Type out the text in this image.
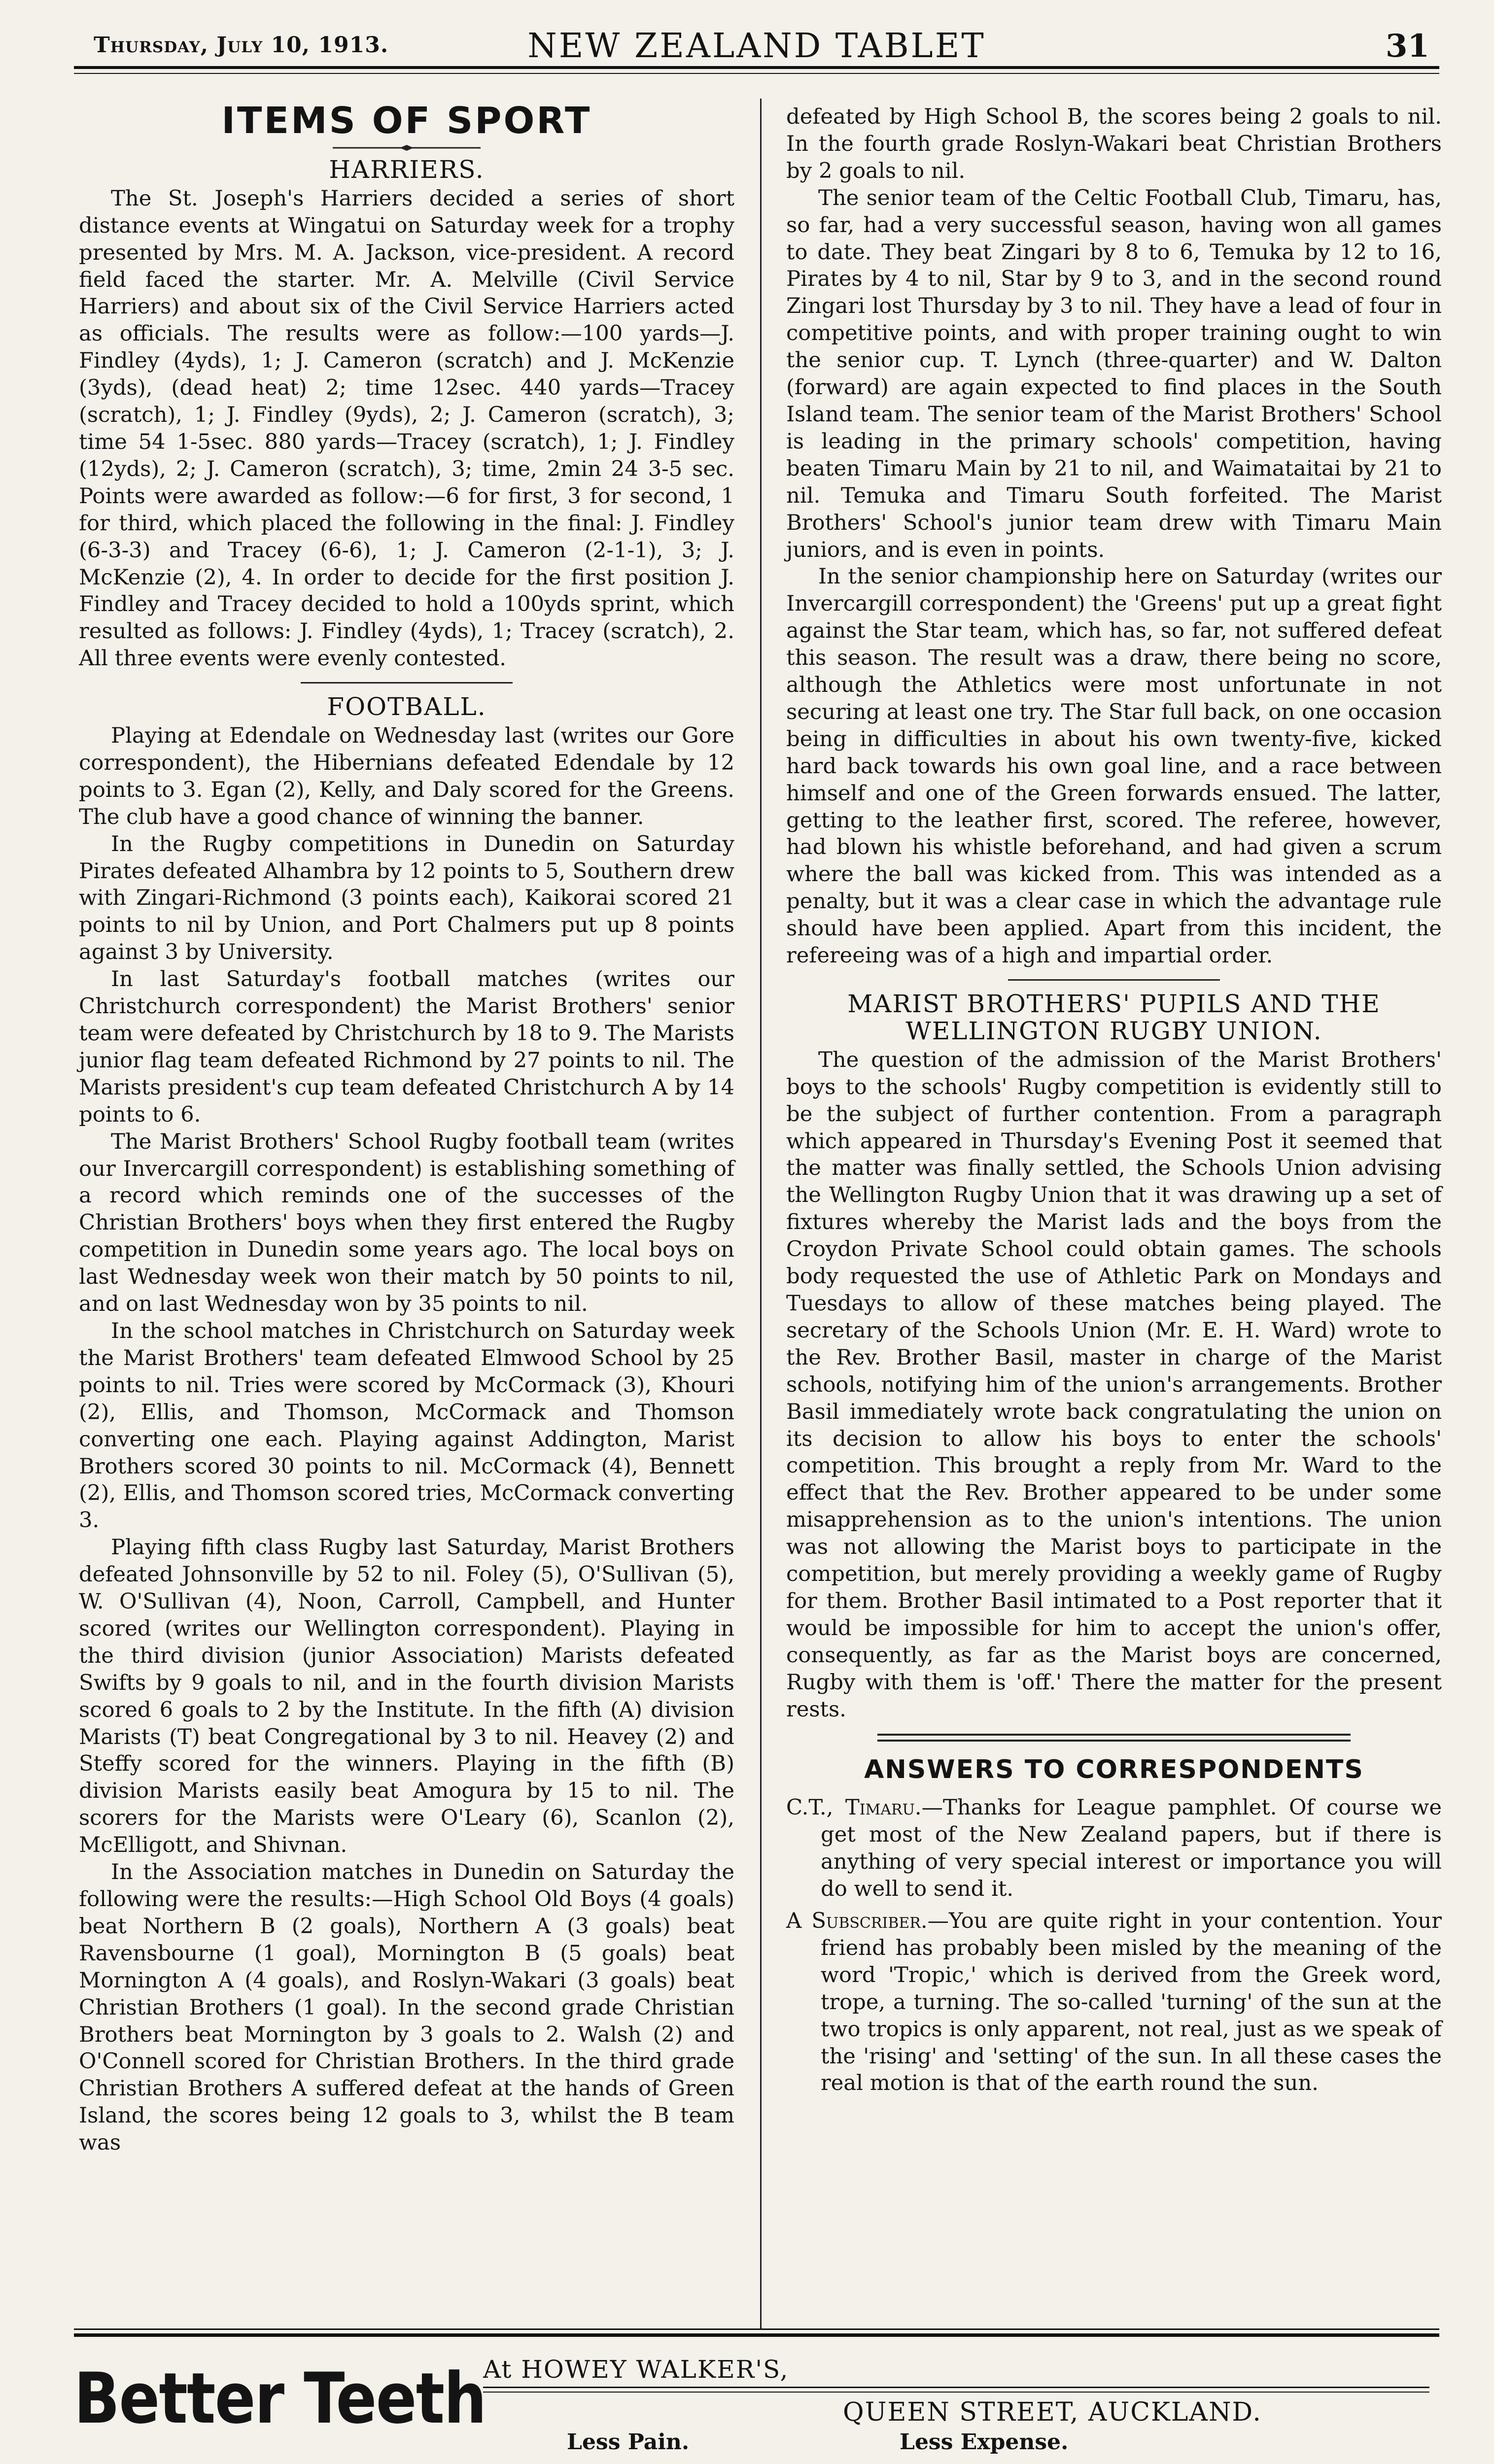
Thursday, July 10, 1913.	NEW ZEALAND TABLET	31
ITEMS OF SPORT
HARRIERS.

The St. Joseph's Harriers decided a series of short distance events at Wingatui on Saturday week for a trophy presented by Mrs. M. A. Jackson, vice-president. A record field faced the starter. Mr. A. Melville (Civil Service Harriers) and about six of the Civil Service Harriers acted as officials. The results were as follow:—100 yards—J. Findley (4yds), 1; J. Cameron (scratch) and J. McKenzie (3yds), (dead heat) 2; time 12sec. 440 yards—Tracey (scratch), 1; J. Findley (9yds), 2; J. Cameron (scratch), 3; time 54 1-5sec. 880 yards—Tracey (scratch), 1; J. Findley (12yds), 2; J. Cameron (scratch), 3; time, 2min 24 3-5 sec. Points were awarded as follow:—6 for first, 3 for second, 1 for third, which placed the following in the final: J. Findley (6-3-3) and Tracey (6-6), 1; J. Cameron (2-1-1), 3; J. McKenzie (2), 4. In order to decide for the first position J. Findley and Tracey decided to hold a 100yds sprint, which resulted as follows: J. Findley (4yds), 1; Tracey (scratch), 2. All three events were evenly contested.

FOOTBALL.

Playing at Edendale on Wednesday last (writes our Gore correspondent), the Hibernians defeated Edendale by 12 points to 3. Egan (2), Kelly, and Daly scored for the Greens. The club have a good chance of winning the banner.

In the Rugby competitions in Dunedin on Saturday Pirates defeated Alhambra by 12 points to 5, Southern drew with Zingari-Richmond (3 points each), Kaikorai scored 21 points to nil by Union, and Port Chalmers put up 8 points against 3 by University.

In last Saturday's football matches (writes our Christchurch correspondent) the Marist Brothers' senior team were defeated by Christchurch by 18 to 9. The Marists junior flag team defeated Richmond by 27 points to nil. The Marists president's cup team defeated Christchurch A by 14 points to 6.

The Marist Brothers' School Rugby football team (writes our Invercargill correspondent) is establishing something of a record which reminds one of the successes of the Christian Brothers' boys when they first entered the Rugby competition in Dunedin some years ago. The local boys on last Wednesday week won their match by 50 points to nil, and on last Wednesday won by 35 points to nil.

In the school matches in Christchurch on Saturday week the Marist Brothers' team defeated Elmwood School by 25 points to nil. Tries were scored by McCormack (3), Khouri (2), Ellis, and Thomson, McCormack and Thomson converting one each. Playing against Addington, Marist Brothers scored 30 points to nil. McCormack (4), Bennett (2), Ellis, and Thomson scored tries, McCormack converting 3.

Playing fifth class Rugby last Saturday, Marist Brothers defeated Johnsonville by 52 to nil. Foley (5), O'Sullivan (5), W. O'Sullivan (4), Noon, Carroll, Campbell, and Hunter scored (writes our Wellington correspondent). Playing in the third division (junior Association) Marists defeated Swifts by 9 goals to nil, and in the fourth division Marists scored 6 goals to 2 by the Institute. In the fifth (A) division Marists (T) beat Congregational by 3 to nil. Heavey (2) and Steffy scored for the winners. Playing in the fifth (B) division Marists easily beat Amogura by 15 to nil. The scorers for the Marists were O'Leary (6), Scanlon (2), McElligott, and Shivnan.

In the Association matches in Dunedin on Saturday the following were the results:—High School Old Boys (4 goals) beat Northern B (2 goals), Northern A (3 goals) beat Ravensbourne (1 goal), Mornington B (5 goals) beat Mornington A (4 goals), and Roslyn-Wakari (3 goals) beat Christian Brothers (1 goal). In the second grade Christian Brothers beat Mornington by 3 goals to 2. Walsh (2) and O'Connell scored for Christian Brothers. In the third grade Christian Brothers A suffered defeat at the hands of Green Island, the scores being 12 goals to 3, whilst the B team was

defeated by High School B, the scores being 2 goals to nil. In the fourth grade Roslyn-Wakari beat Christian Brothers by 2 goals to nil.

The senior team of the Celtic Football Club, Timaru, has, so far, had a very successful season, having won all games to date. They beat Zingari by 8 to 6, Temuka by 12 to 16, Pirates by 4 to nil, Star by 9 to 3, and in the second round Zingari lost Thursday by 3 to nil. They have a lead of four in competitive points, and with proper training ought to win the senior cup. T. Lynch (three-quarter) and W. Dalton (forward) are again expected to find places in the South Island team. The senior team of the Marist Brothers' School is leading in the primary schools' competition, having beaten Timaru Main by 21 to nil, and Waimataitai by 21 to nil. Temuka and Timaru South forfeited. The Marist Brothers' School's junior team drew with Timaru Main juniors, and is even in points.

In the senior championship here on Saturday (writes our Invercargill correspondent) the 'Greens' put up a great fight against the Star team, which has, so far, not suffered defeat this season. The result was a draw, there being no score, although the Athletics were most unfortunate in not securing at least one try. The Star full back, on one occasion being in difficulties in about his own twenty-five, kicked hard back towards his own goal line, and a race between himself and one of the Green forwards ensued. The latter, getting to the leather first, scored. The referee, however, had blown his whistle beforehand, and had given a scrum where the ball was kicked from. This was intended as a penalty, but it was a clear case in which the advantage rule should have been applied. Apart from this incident, the refereeing was of a high and impartial order.

MARIST BROTHERS' PUPILS AND THE
WELLINGTON RUGBY UNION.

The question of the admission of the Marist Brothers' boys to the schools' Rugby competition is evidently still to be the subject of further contention. From a paragraph which appeared in Thursday's Evening Post it seemed that the matter was finally settled, the Schools Union advising the Wellington Rugby Union that it was drawing up a set of fixtures whereby the Marist lads and the boys from the Croydon Private School could obtain games. The schools body requested the use of Athletic Park on Mondays and Tuesdays to allow of these matches being played. The secretary of the Schools Union (Mr. E. H. Ward) wrote to the Rev. Brother Basil, master in charge of the Marist schools, notifying him of the union's arrangements. Brother Basil immediately wrote back congratulating the union on its decision to allow his boys to enter the schools' competition. This brought a reply from Mr. Ward to the effect that the Rev. Brother appeared to be under some misapprehension as to the union's intentions. The union was not allowing the Marist boys to participate in the competition, but merely providing a weekly game of Rugby for them. Brother Basil intimated to a Post reporter that it would be impossible for him to accept the union's offer, consequently, as far as the Marist boys are concerned, Rugby with them is 'off.' There the matter for the present rests.

ANSWERS TO CORRESPONDENTS

C.T., Timaru.—Thanks for League pamphlet. Of course we get most of the New Zealand papers, but if there is anything of very special interest or importance you will do well to send it.

A Subscriber.—You are quite right in your contention. Your friend has probably been misled by the meaning of the word 'Tropic,' which is derived from the Greek word, trope, a turning. The so-called 'turning' of the sun at the two tropics is only apparent, not real, just as we speak of the 'rising' and 'setting' of the sun. In all these cases the real motion is that of the earth round the sun.

Better Teeth
At HOWEY WALKER'S,
QUEEN STREET, AUCKLAND.
Less Pain.	Less Expense.
